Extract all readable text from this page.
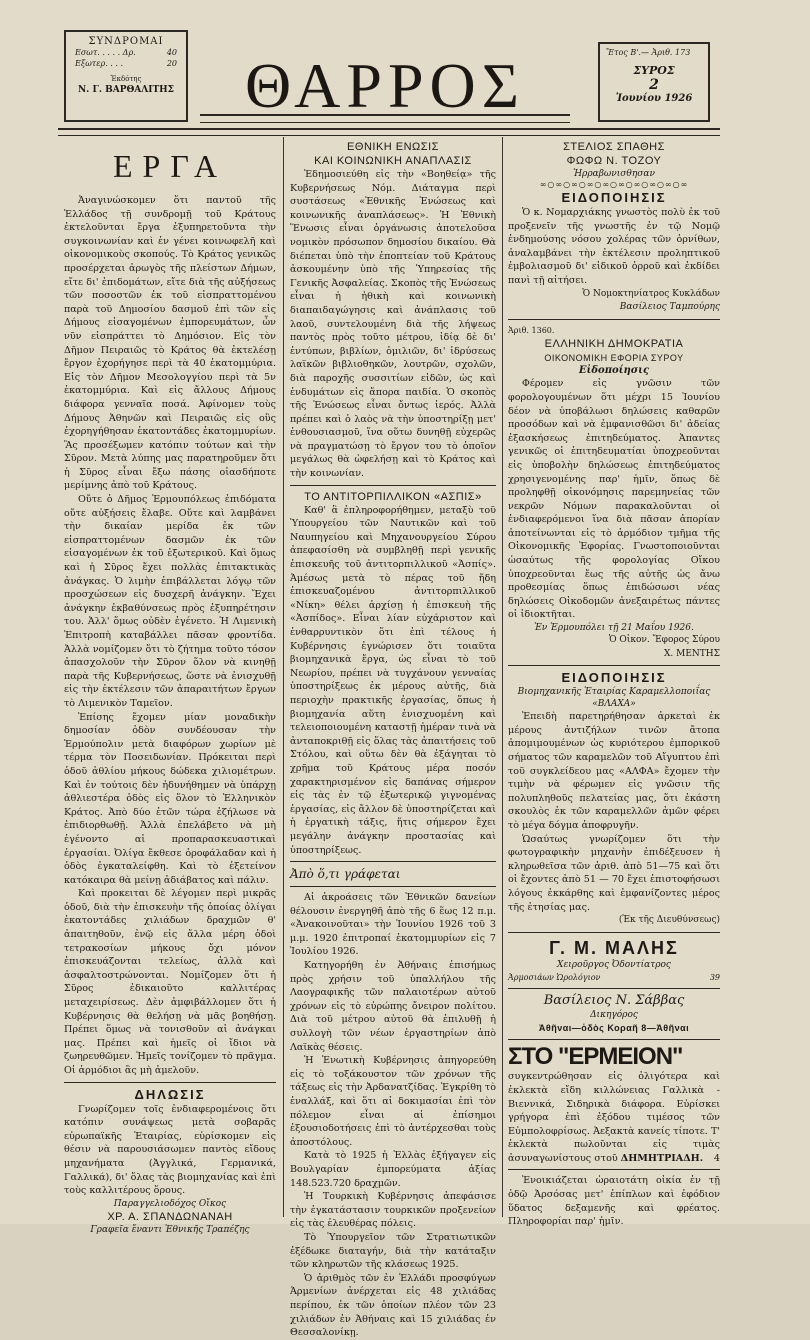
ΣΥΝΔΡΟΜΑΙ
Εσωτ. . . . . Δρ.	40
Εξωτερ. . . .	20
Ἐκδότης
Ν. Γ. ΒΑΡΘΑΛΙΤΗΣ	ΘΑΡΡΟΣ	Ἔτος Β'.— Ἀριθ. 173
ΣΥΡΟΣ
2
Ἰουνίου 1926
ΕΡΓΑ

Ἀναγινώσκομεν ὅτι παντοῦ τῆς Ἑλλάδος τῇ συνδρομῇ τοῦ Κράτους ἐκτελοῦνται ἔργα ἐξυπηρετοῦντα τὴν συγκοινωνίαν καὶ ἐν γένει κοινωφελῆ καὶ οἰκονομικοὺς σκοπούς. Τὸ Κράτος γενικῶς προσέρχεται ἀρωγὸς τῆς πλείστων Δήμων, εἴτε δι' ἐπιδομάτων, εἴτε διὰ τῆς αὐξήσεως τῶν ποσοστῶν ἐκ τοῦ εἰσπραττομένου παρὰ τοῦ Δημοσίου δασμοῦ ἐπὶ τῶν εἰς Δήμους εἰσαγομένων ἐμπορευμάτων, ὧν νῦν εἰσπράττει τὸ Δημόσιον. Εἰς τὸν Δῆμον Πειραιῶς τὸ Κράτος θὰ ἐκτελέσῃ ἔργον ἐχορήγησε περὶ τὰ 40 ἑκατομμύρια. Εἰς τὸν Δῆμον Μεσολογγίου περὶ τὰ 5ν ἑκατομμύρια. Καὶ εἰς ἄλλους Δήμους διάφορα γενναῖα ποσά. Ἀφίνομεν τοὺς Δήμους Ἀθηνῶν καὶ Πειραιῶς εἰς οὓς ἐχορηγήθησαν ἑκατοντάδες ἑκατομμυρίων. Ἂς προσέξωμεν κατόπιν τούτων καὶ τὴν Σῦρον. Μετὰ λύπης μας παρατηροῦμεν ὅτι ἡ Σῦρος εἶναι ἔξω πάσης οἱασδήποτε μερίμνης ἀπὸ τοῦ Κράτους.

Οὔτε ὁ Δῆμος Ἑρμουπόλεως ἐπιδόματα οὔτε αὐξήσεις ἔλαβε. Οὔτε καὶ λαμβάνει τὴν δικαίαν μερίδα ἐκ τῶν εἰσπραττομένων δασμῶν ἐκ τῶν εἰσαγομένων ἐκ τοῦ ἐξωτερικοῦ. Καὶ ὅμως καὶ ἡ Σῦρος ἔχει πολλὰς ἐπιτακτικὰς ἀνάγκας. Ὁ λιμὴν ἐπιβάλλεται λόγῳ τῶν προσχώσεων εἰς δυσχερῆ ἀνάγκην. Ἔχει ἀνάγκην ἐκβαθύνσεως πρὸς ἐξυπηρέτησιν του. Ἀλλ' ὅμως οὐδὲν ἐγένετο. Ἡ Λιμενικὴ Ἐπιτροπὴ καταβάλλει πᾶσαν φροντίδα. Ἀλλὰ νομίζομεν ὅτι τὸ ζήτημα τοῦτο τόσον ἀπασχολοῦν τὴν Σῦρον ὅλον νὰ κινηθῇ παρὰ τῆς Κυβερνήσεως, ὥστε νὰ ἐνισχυθῇ εἰς τὴν ἐκτέλεσιν τῶν ἀπαραιτήτων ἔργων τὸ Λιμενικὸν Ταμεῖον.

Ἐπίσης ἔχομεν μίαν μοναδικὴν δημοσίαν ὁδὸν συνδέουσαν τὴν Ἑρμούπολιν μετὰ διαφόρων χωρίων μὲ τέρμα τὸν Ποσειδωνίαν. Πρόκειται περὶ ὁδοῦ ἀθλίου μήκους δώδεκα χιλιομέτρων. Καὶ ἐν τούτοις δὲν ἠδυνήθημεν νὰ ὑπάρχῃ ἀθλιεστέρα ὁδὸς εἰς ὅλον τὸ Ἑλληνικὸν Κράτος. Ἀπὸ δύο ἐτῶν τώρα ἐζήλωσε νὰ ἐπιδιορθωθῇ. Ἀλλὰ ἐπελάβετο νὰ μὴ ἐγένοντο αἱ προπαρασκευαστικαὶ ἐργασίαι. Ὀλίγα ἔκθεσε ὀροφάλαδαν καὶ ἡ ὁδὸς ἐγκαταλείφθη. Καὶ τὸ ἐξετείνον κατόκαιρα θὰ μείνῃ ἀδιάβατος καὶ πάλιν.

Καὶ προκειται δὲ λέγομεν περὶ μικρᾶς ὁδοῦ, διὰ τὴν ἐπισκευὴν τῆς ὁποίας ὀλίγαι ἑκατοντάδες χιλιάδων δραχμῶν θ' ἀπαιτηθοῦν, ἐνῷ εἰς ἄλλα μέρη ὁδοὶ τετρακοσίων μήκους ὄχι μόνον ἐπισκευάζονται τελείως, ἀλλὰ καὶ ἀσφαλτοστρώνονται. Νομίζομεν ὅτι ἡ Σῦρος ἐδικαιοῦτο καλλιτέρας μεταχειρίσεως. Δὲν ἀμφιβάλλομεν ὅτι ἡ Κυβέρνησις θὰ θελήσῃ νὰ μᾶς βοηθήσῃ. Πρέπει ὅμως νὰ τονισθοῦν αἱ ἀνάγκαι μας. Πρέπει καὶ ἡμεῖς οἱ ἴδιοι νὰ ζωηρευθῶμεν. Ἡμεῖς τονίζομεν τὸ πρᾶγμα. Οἱ ἁρμόδιοι ἂς μὴ ἀμελοῦν.

ΔΗΛΩΣΙΣ

Γνωρίζομεν τοῖς ἐνδιαφερομένοις ὅτι κατόπιν συνάψεως μετὰ σοβαρᾶς εὐρωπαϊκῆς Ἑταιρίας, εὑρίσκομεν εἰς θέσιν νὰ παρουσιάσωμεν παντὸς εἴδους μηχανήματα (Ἀγγλικά, Γερμανικά, Γαλλικά), δι' ὅλας τὰς βιομηχανίας καὶ ἐπὶ τοὺς καλλιτέρους ὅρους.

Παραγγελιοδόχος Οἴκος
ΧΡ. Α. ΣΠΑΝΔΩΝΑΝΑΗ
Γραφεῖα ἔναντι Ἐθνικῆς Τραπέζης
ΕΘΝΙΚΗ ΕΝΩΣΙΣ
ΚΑΙ ΚΟΙΝΩΝΙΚΗ ΑΝΑΠΛΑΣΙΣ

Ἐδημοσιεύθη εἰς τὴν «Βοηθείᾳ» τῆς Κυβερνήσεως Νόμ. Διάταγμα περὶ συστάσεως «Ἐθνικῆς Ἑνώσεως καὶ κοινωνικῆς ἀναπλάσεως». Ἡ Ἐθνικὴ Ἕνωσις εἶναι ὀργάνωσις ἀποτελοῦσα νομικὸν πρόσωπον δημοσίου δικαίου. Θὰ διέπεται ὑπὸ τὴν ἐποπτείαν τοῦ Κράτους ἀσκουμένην ὑπὸ τῆς Ὑπηρεσίας τῆς Γενικῆς Ἀσφαλείας. Σκοπὸς τῆς Ἑνώσεως εἶναι ἡ ἠθικὴ καὶ κοινωνικὴ διαπαιδαγώγησις καὶ ἀνάπλασις τοῦ λαοῦ, συντελουμένη διὰ τῆς λήψεως παντὸς πρὸς τοῦτο μέτρου, ἰδίᾳ δὲ δι' ἐντύπων, βιβλίων, ὁμιλιῶν, δι' ἱδρύσεως λαϊκῶν βιβλιοθηκῶν, λουτρῶν, σχολῶν, διὰ παροχῆς συσσιτίων εἰδῶν, ὡς καὶ ἐνδυμάτων εἰς ἄπορα παιδία. Ὁ σκοπὸς τῆς Ἑνώσεως εἶναι ὄντως ἱερός. Ἀλλὰ πρέπει καὶ ὁ λαὸς νὰ τὴν ὑποστηρίξῃ μετ' ἐνθουσιασμοῦ, ἵνα οὕτω δυνηθῇ εὐχερῶς νὰ πραγματώσῃ τὸ ἔργον του τὸ ὁποῖον μεγάλως θὰ ὠφελήσῃ καὶ τὸ Κράτος καὶ τὴν κοινωνίαν.

ΤΟ ΑΝΤΙΤΟΡΠΙΛΛΙΚΟΝ «ΑΣΠΙΣ»

Καθ' ἃ ἐπληροφορήθημεν, μεταξὺ τοῦ Ὑπουργείου τῶν Ναυτικῶν καὶ τοῦ Ναυπηγείου καὶ Μηχανουργείου Σύρου ἀπεφασίσθη νὰ συμβληθῇ περὶ γενικῆς ἐπισκευῆς τοῦ ἀντιτορπιλλικοῦ «Ἀσπίς». Ἀμέσως μετὰ τὸ πέρας τοῦ ἤδη ἐπισκευαζομένου ἀντιτορπιλλικοῦ «Νίκη» θέλει ἀρχίσῃ ἡ ἐπισκευὴ τῆς «Ἀσπίδος». Εἶναι λίαν εὐχάριστον καὶ ἐνθαρρυντικὸν ὅτι ἐπὶ τέλους ἡ Κυβέρνησις ἐγνώρισεν ὅτι τοιαῦτα βιομηχανικὰ ἔργα, ὡς εἶναι τὸ τοῦ Νεωρίου, πρέπει νὰ τυγχάνουν γενναίας ὑποστηρίξεως ἐκ μέρους αὐτῆς, διὰ περιοχὴν πρακτικῆς ἐργασίας, ὅπως ἡ βιομηχανία αὕτη ἐνισχυομένη καὶ τελειοποιουμένη καταστῇ ἡμέραν τινὰ νὰ ἀνταποκριθῇ εἰς ὅλας τὰς ἀπαιτήσεις τοῦ Στόλου, καὶ οὕτω δὲν θὰ ἐξάγηται τὸ χρῆμα τοῦ Κράτους μέρα ποσόν χαρακτηρισμένον εἰς δαπάνας σήμερον εἰς τὰς ἐν τῷ ἐξωτερικῷ γιγνομένας ἐργασίας, εἰς ἄλλον δὲ ὑποστηρίζεται καὶ ἡ ἐργατικὴ τάξις, ἥτις σήμερον ἔχει μεγάλην ἀνάγκην προστασίας καὶ ὑποστηρίξεως.

Ἀπὸ ὅ,τι γράφεται

Αἱ ἀκροάσεις τῶν Ἐθνικῶν δανείων θέλουσιν ἐνεργηθῆ ἀπὸ τῆς 6 ἕως 12 π.μ. «Ἀνακοινοῦται» τὴν Ἰουνίου 1926 τοῦ 3 μ.μ. 1920 ἐπιτροπαί ἑκατομμυρίων εἰς 7 Ἰουλίου 1926.

Κατηγορήθη ἐν Ἀθήναις ἐπισήμως πρὸς χρήσιν τοῦ ὑπαλλήλου τῆς Λαογραφικῆς τῶν παλαιοτέρων αὐτοῦ χρόνων εἰς τὸ εὐρώπης ὄνειρον πολίτου. Διὰ τοῦ μέτρου αὐτοῦ θὰ ἐπιλυθῇ ἡ συλλογὴ τῶν νέων ἐργαστηρίων ἀπὸ Λαϊκὰς θέσεις.

Ἡ Ἑνωτικὴ Κυβέρνησις ἀπηγορεύθη εἰς τὸ τοξάκουστον τῶν χρόνων τῆς τάξεως εἰς τὴν Ἀρδανατζίδας. Ἐγκρίθη τὸ ἐναλλάξ, καὶ ὅτι αἱ δοκιμασίαι ἐπὶ τὸν πόλεμον εἶναι αἱ ἐπίσημοι ἐξουσιοδοτήσεις ἐπὶ τὸ ἀντέρχεσθαι τοὺς ἀποστόλους.

Κατὰ τὸ 1925 ἡ Ἑλλὰς ἐξήγαγεν εἰς Βουλγαρίαν ἐμπορεύματα ἀξίας 148.523.720 δραχμῶν.

Ἡ Τουρκικὴ Κυβέρνησις ἀπεφάσισε τὴν ἐγκατάστασιν τουρκικῶν προξενείων εἰς τὰς ἐλευθέρας πόλεις.

Τὸ Ὑπουργεῖον τῶν Στρατιωτικῶν ἐξέδωκε διαταγήν, διὰ τὴν κατάταξιν τῶν κληρωτῶν τῆς κλάσεως 1925.

Ὁ ἀριθμὸς τῶν ἐν Ἑλλάδι προσφύγων Ἀρμενίων ἀνέρχεται εἰς 48 χιλιάδας περίπου, ἐκ τῶν ὁποίων πλέον τῶν 23 χιλιάδων ἐν Ἀθήναις καὶ 15 χιλιάδας ἐν Θεσσαλονίκῃ.

ΣΤΕΛΙΟΣ ΣΠΑΘΗΣ
ΦΩΦΩ Ν. ΤΟΖΟΥ
Ἠρραβωνισθησαν
∞○∞○∞○∞○∞○∞○∞○∞○∞○∞
ΕΙΔΟΠΟΙΗΣΙΣ

Ὁ κ. Νομαρχιάκης γνωστὸς πολὺ ἐκ τοῦ προξενεῖν τῆς γνωστῆς ἐν τῷ Νομῷ ἐνδημούσης νόσου χολέρας τῶν ὀρνίθων, ἀναλαμβάνει τὴν ἐκτέλεσιν προληπτικοῦ ἐμβολιασμοῦ δι' εἰδικοῦ ὀρροῦ καὶ ἐκδίδει πανὶ τῇ αἰτήσει.

Ὁ Νομοκτηνίατρος Κυκλάδων
Βασίλειος Ταμπούρης
Ἀριθ. 1360.
ΕΛΛΗΝΙΚΗ ΔΗΜΟΚΡΑΤΙΑ
ΟΙΚΟΝΟΜΙΚΗ ΕΦΟΡΙΑ ΣΥΡΟΥ
Εἰδοποίησις

Φέρομεν εἰς γνῶσιν τῶν φορολογουμένων ὅτι μέχρι 15 Ἰουνίου δέον νὰ ὑποβάλωσι δηλώσεις καθαρῶν προσόδων καὶ νὰ ἐμφανισθῶσι δι' ἀδείας ἐξασκήσεως ἐπιτηδεύματος. Ἀπαντες γενικῶς οἱ ἐπιτηδευματίαι ὑποχρεοῦνται εἰς ὑποβολὴν δηλώσεως ἐπιτηδεύματος χρησιγενομένης παρ' ἡμῖν, ὅπως δὲ προληφθῇ οἰκονόμησις παρεμηνείας τῶν νεκρῶν Νόμων παρακαλοῦνται οἱ ἐνδιαφερόμενοι ἵνα διὰ πᾶσαν ἀπορίαν ἀποτείνωνται εἰς τὸ ἁρμόδιον τμῆμα τῆς Οἰκονομικῆς Ἐφορίας. Γνωστοποιοῦνται ὡσαύτως τῆς φορολογίας Οἴκου ὑποχρεοῦνται ἔως τῆς αὐτῆς ὡς ἄνω προθεσμίας ὅπως ἐπιδώσωσι νέας δηλώσεις Οἰκοδομῶν ἀνεξαιρέτως πάντες οἱ ἰδιοκτῆται.

Ἐν Ἑρμουπόλει τῇ 21 Μαΐου 1926.
Ὁ Οἰκον. Ἔφορος Σύρου
Χ. ΜΕΝΤΗΣ
ΕΙΔΟΠΟΙΗΣΙΣ
Βιομηχανικῆς Ἑταιρίας Καραμελλοποιΐας «ΒΛΑΧΑ»

Ἐπειδὴ παρετηρήθησαν ἀρκεταὶ ἐκ μέρους ἀντιζήλων τινῶν ἄτοπα ἀπομιμουμένων ὡς κυριότερου ἐμπορικοῦ σήματος τῶν καραμελῶν τοῦ Αἴγυπτου ἐπὶ τοῦ συγκλείδεου μας «ΑΛΦΑ» ἔχομεν τὴν τιμὴν νὰ φέρωμεν εἰς γνῶσιν τῆς πολυπληθοῦς πελατείας μας, ὅτι ἐκάστη σκουλὸς ἐκ τῶν καραμελλῶν ἀμῶν φέρει τὸ μέγα δόγμα ἀποφρυγῆν.

Ὡσαύτως γνωρίζομεν ὅτι τὴν φωτογραφικὴν μηχανὴν ἐπιδέξευσεν ἡ κληρωθεῖσα τῶν ἀριθ. ἀπὸ 51—75 καὶ ὅτι οἱ ἔχοντες ἀπὸ 51 — 70 ἔχει ἐπιστοφήσωσι λόγους ἐκκάρθης καὶ ἐμφανίζοντες μέρος τῆς ἐτησίας μας.

(Ἐκ τῆς Διευθύνσεως)
Γ. Μ. ΜΑΛΗΣ
Χειροῦργος Ὀδοντίατρος
Ἀρμοσιάων Ὡρολόγιον	39
Βασίλειος Ν. Σάββας
Δικηγόρος
Ἀθῆναι—ὁδὸς Κοραῆ 8—Ἀθῆναι
ΣΤΟ "ΕΡΜΕΙΟΝ"
συγκεντρώθησαν εἰς ὀλιγότερα καὶ ἐκλεκτὰ εἴδη κιλλώνειας Γαλλικὰ - Βιεννικά, Σιδηρικὰ διάφορα. Εὐρίσκει γρήγορα ἐπὶ ἐξόδου τιμέσος τῶν Εὐμπολοφρίσως. Ἀεξακτὰ κανείς τίποτε. Τ' ἐκλεκτὰ πωλοῦνται εἰς τιμὰς ἀσυναγωνίστους στοῦ ΔΗΜΗΤΡΙΑΔΗ. 4

Ἐνοικιάζεται ὡραιοτάτη οἰκία ἐν τῇ ὁδῷ Ἀρσόσας μετ' ἐπίπλων καὶ ἐφόδιον ὕδατος δεξαμενῆς καὶ φρέατος. Πληροφορίαι παρ' ἡμῖν.
